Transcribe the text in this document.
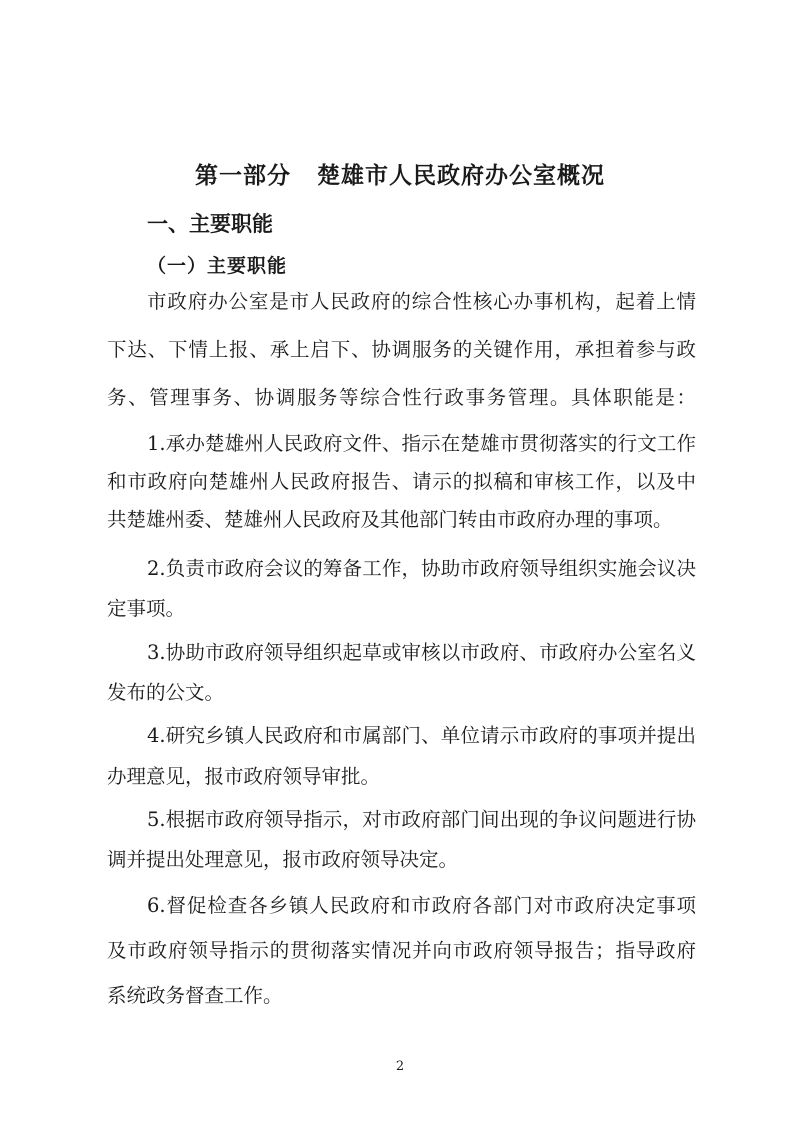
第一部分 楚雄市人民政府办公室概况
一、主要职能
（一）主要职能
市政府办公室是市人民政府的综合性核心办事机构，起着上情
下达、下情上报、承上启下、协调服务的关键作用，承担着参与政
务、管理事务、协调服务等综合性行政事务管理。具体职能是：
1.承办楚雄州人民政府文件、指示在楚雄市贯彻落实的行文工作
和市政府向楚雄州人民政府报告、请示的拟稿和审核工作，以及中
共楚雄州委、楚雄州人民政府及其他部门转由市政府办理的事项。
2.负责市政府会议的筹备工作，协助市政府领导组织实施会议决
定事项。
3.协助市政府领导组织起草或审核以市政府、市政府办公室名义
发布的公文。
4.研究乡镇人民政府和市属部门、单位请示市政府的事项并提出
办理意见，报市政府领导审批。
5.根据市政府领导指示，对市政府部门间出现的争议问题进行协
调并提出处理意见，报市政府领导决定。
6.督促检查各乡镇人民政府和市政府各部门对市政府决定事项
及市政府领导指示的贯彻落实情况并向市政府领导报告；指导政府
系统政务督查工作。
2
